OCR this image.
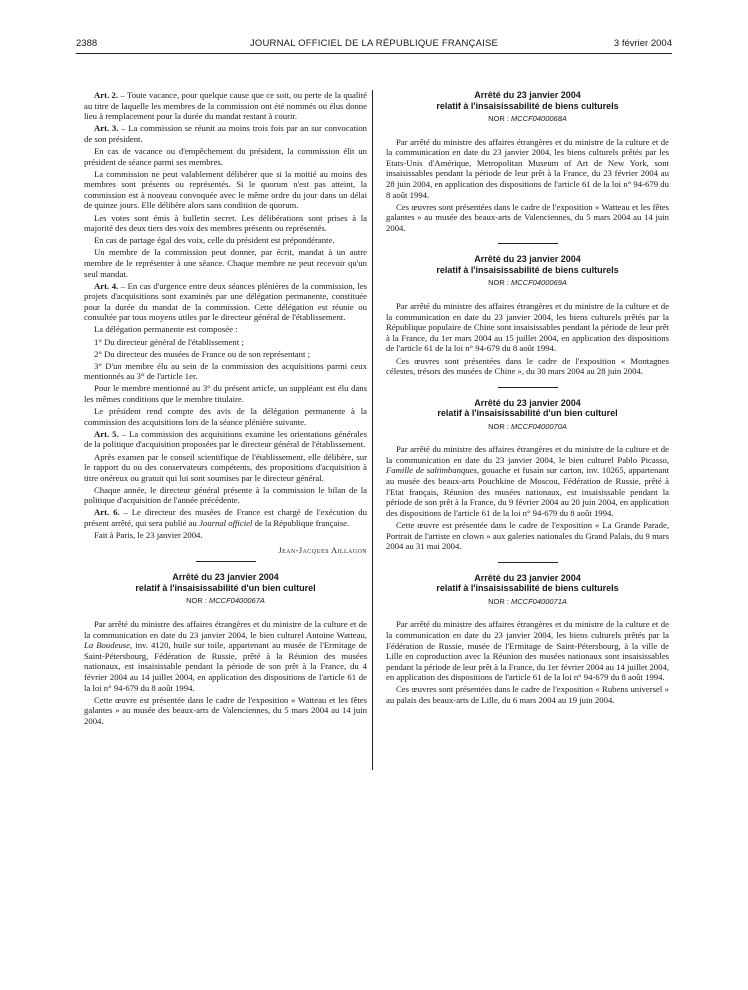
2388	JOURNAL OFFICIEL DE LA RÉPUBLIQUE FRANÇAISE	3 février 2004

Art. 2. – Toute vacance, pour quelque cause que ce soit, ou perte de la qualité au titre de laquelle les membres de la commission ont été nommés ou élus donne lieu à remplacement pour la durée du mandat restant à courir.

Art. 3. – La commission se réunit au moins trois fois par an sur convocation de son président.

En cas de vacance ou d'empêchement du président, la commission élit un président de séance parmi ses membres.

La commission ne peut valablement délibérer que si la moitié au moins des membres sont présents ou représentés. Si le quorum n'est pas atteint, la commission est à nouveau convoquée avec le même ordre du jour dans un délai de quinze jours. Elle délibère alors sans condition de quorum.

Les votes sont émis à bulletin secret. Les délibérations sont prises à la majorité des deux tiers des voix des membres présents ou représentés.

En cas de partage égal des voix, celle du président est prépondérante.

Un membre de la commission peut donner, par écrit, mandat à un autre membre de le représenter à une séance. Chaque membre ne peut recevoir qu'un seul mandat.

Art. 4. – En cas d'urgence entre deux séances plénières de la commission, les projets d'acquisitions sont examinés par une délégation permanente, constituée pour la durée du mandat de la commission. Cette délégation est réunie ou consultée par tous moyens utiles par le directeur général de l'établissement.

La délégation permanente est composée :

1° Du directeur général de l'établissement ;

2° Du directeur des musées de France ou de son représentant ;

3° D'un membre élu au sein de la commission des acquisitions parmi ceux mentionnés au 3° de l'article 1er.

Pour le membre mentionné au 3° du présent article, un suppléant est élu dans les mêmes conditions que le membre titulaire.

Le président rend compte des avis de la délégation permanente à la commission des acquisitions lors de la séance plénière suivante.

Art. 5. – La commission des acquisitions examine les orientations générales de la politique d'acquisition proposées par le directeur général de l'établissement.

Après examen par le conseil scientifique de l'établissement, elle délibère, sur le rapport du ou des conservateurs compétents, des propositions d'acquisition à titre onéreux ou gratuit qui lui sont soumises par le directeur général.

Chaque année, le directeur général présente à la commission le bilan de la politique d'acquisition de l'année précédente.

Art. 6. – Le directeur des musées de France est chargé de l'exécution du présent arrêté, qui sera publié au Journal officiel de la République française.

Fait à Paris, le 23 janvier 2004.

Jean-Jacques Aillagon

Arrêté du 23 janvier 2004
relatif à l'insaisissabilité d'un bien culturel
NOR : MCCF0400067A

Par arrêté du ministre des affaires étrangères et du ministre de la culture et de la communication en date du 23 janvier 2004, le bien culturel Antoine Watteau, La Boudeuse, inv. 4120, huile sur toile, appartenant au musée de l'Ermitage de Saint-Pétersbourg, Fédération de Russie, prêté à la Réunion des musées nationaux, est insaisissable pendant la période de son prêt à la France, du 4 février 2004 au 14 juillet 2004, en application des dispositions de l'article 61 de la loi n° 94-679 du 8 août 1994.

Cette œuvre est présentée dans le cadre de l'exposition « Watteau et les fêtes galantes » au musée des beaux-arts de Valenciennes, du 5 mars 2004 au 14 juin 2004.

Arrêté du 23 janvier 2004
relatif à l'insaisissabilité de biens culturels
NOR : MCCF0400068A

Par arrêté du ministre des affaires étrangères et du ministre de la culture et de la communication en date du 23 janvier 2004, les biens culturels prêtés par les Etats-Unis d'Amérique, Metropolitan Museum of Art de New York, sont insaisissables pendant la période de leur prêt à la France, du 23 février 2004 au 28 juin 2004, en application des dispositions de l'article 61 de la loi n° 94-679 du 8 août 1994.

Ces œuvres sont présentées dans le cadre de l'exposition « Watteau et les fêtes galantes » au musée des beaux-arts de Valenciennes, du 5 mars 2004 au 14 juin 2004.

Arrêté du 23 janvier 2004
relatif à l'insaisissabilité de biens culturels
NOR : MCCF0400069A

Par arrêté du ministre des affaires étrangères et du ministre de la culture et de la communication en date du 23 janvier 2004, les biens culturels prêtés par la République populaire de Chine sont insaisissables pendant la période de leur prêt à la France, du 1er mars 2004 au 15 juillet 2004, en application des dispositions de l'article 61 de la loi n° 94-679 du 8 août 1994.

Ces œuvres sont présentées dans le cadre de l'exposition « Montagnes célestes, trésors des musées de Chine », du 30 mars 2004 au 28 juin 2004.

Arrêté du 23 janvier 2004
relatif à l'insaisissabilité d'un bien culturel
NOR : MCCF0400070A

Par arrêté du ministre des affaires étrangères et du ministre de la culture et de la communication en date du 23 janvier 2004, le bien culturel Pablo Picasso, Famille de saltimbanques, gouache et fusain sur carton, inv. 10265, appartenant au musée des beaux-arts Pouchkine de Moscou, Fédération de Russie, prêté à l'Etat français, Réunion des musées nationaux, est insaisissable pendant la période de son prêt à la France, du 9 février 2004 au 20 juin 2004, en application des dispositions de l'article 61 de la loi n° 94-679 du 8 août 1994.

Cette œuvre est présentée dans le cadre de l'exposition « La Grande Parade, Portrait de l'artiste en clown » aux galeries nationales du Grand Palais, du 9 mars 2004 au 31 mai 2004.

Arrêté du 23 janvier 2004
relatif à l'insaisissabilité de biens culturels
NOR : MCCF0400071A

Par arrêté du ministre des affaires étrangères et du ministre de la culture et de la communication en date du 23 janvier 2004, les biens culturels prêtés par la Fédération de Russie, musée de l'Ermitage de Saint-Pétersbourg, à la ville de Lille en coproduction avec la Réunion des musées nationaux sont insaisissables pendant la période de leur prêt à la France, du 1er février 2004 au 14 juillet 2004, en application des dispositions de l'article 61 de la loi n° 94-679 du 8 août 1994.

Ces œuvres sont présentées dans le cadre de l'exposition « Rubens universel » au palais des beaux-arts de Lille, du 6 mars 2004 au 19 juin 2004.
